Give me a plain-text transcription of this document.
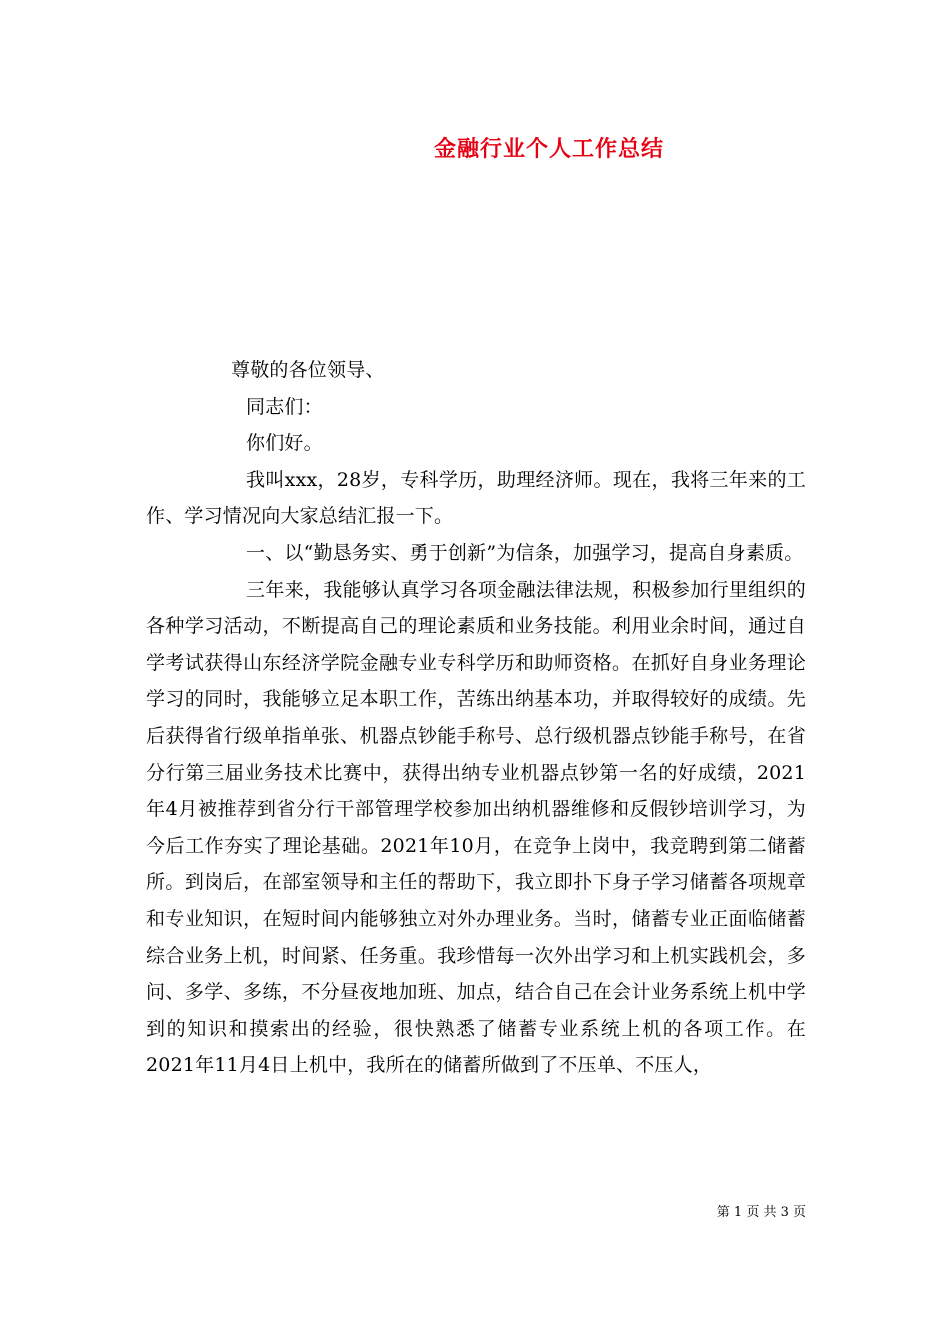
金融行业个人工作总结

尊敬的各位领导、

同志们：

你们好。

我叫xxx，28岁，专科学历，助理经济师。现在，我将三年来的工作、学习情况向大家总结汇报一下。

一、以“勤恳务实、勇于创新”为信条，加强学习，提高自身素质。

三年来，我能够认真学习各项金融法律法规，积极参加行里组织的各种学习活动，不断提高自己的理论素质和业务技能。利用业余时间，通过自学考试获得山东经济学院金融专业专科学历和助师资格。在抓好自身业务理论学习的同时，我能够立足本职工作，苦练出纳基本功，并取得较好的成绩。先后获得省行级单指单张、机器点钞能手称号、总行级机器点钞能手称号，在省分行第三届业务技术比赛中，获得出纳专业机器点钞第一名的好成绩，2021年4月被推荐到省分行干部管理学校参加出纳机器维修和反假钞培训学习，为今后工作夯实了理论基础。2021年10月，在竞争上岗中，我竞聘到第二储蓄所。到岗后，在部室领导和主任的帮助下，我立即扑下身子学习储蓄各项规章和专业知识，在短时间内能够独立对外办理业务。当时，储蓄专业正面临储蓄综合业务上机，时间紧、任务重。我珍惜每一次外出学习和上机实践机会，多问、多学、多练，不分昼夜地加班、加点，结合自己在会计业务系统上机中学到的知识和摸索出的经验，很快熟悉了储蓄专业系统上机的各项工作。在2021年11月4日上机中，我所在的储蓄所做到了不压单、不压人，

第 1 页 共 3 页
